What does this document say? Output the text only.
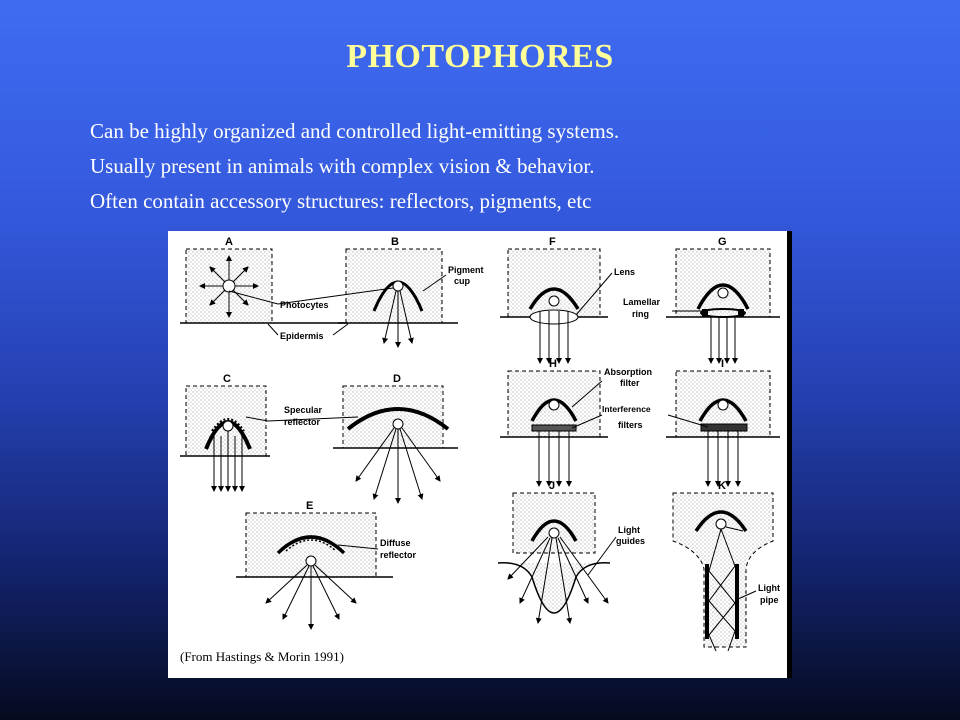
PHOTOPHORES
Can be highly organized and controlled light-emitting systems.
Usually present in animals with complex vision & behavior.
Often contain accessory structures: reflectors, pigments, etc
Photocytes
Epidermis
Pigment
cup
Specular
reflector
Diffuse
reflector
Lens
Lamellar
ring
Absorption
filter
Interference
filters
Light
guides
Light
pipe
A	B
C	D
E
F	G
H	I
J	K
(From Hastings & Morin 1991)
